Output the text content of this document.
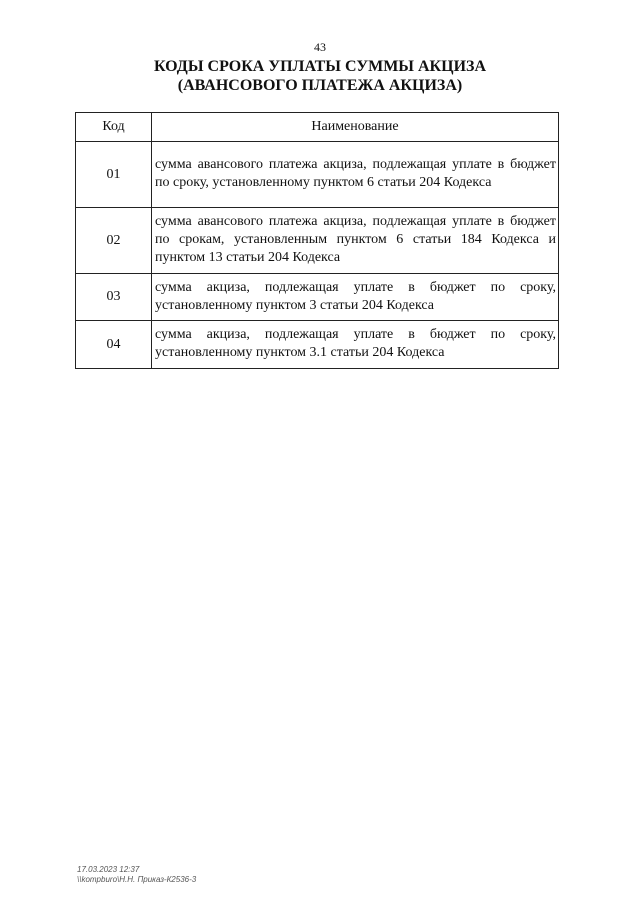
43
КОДЫ СРОКА УПЛАТЫ СУММЫ АКЦИЗА
(АВАНСОВОГО ПЛАТЕЖА АКЦИЗА)
Код	Наименование
01	сумма авансового платежа акциза, подлежащая уплате в бюджет по сроку, установленному пунктом 6 статьи 204 Кодекса
02	сумма авансового платежа акциза, подлежащая уплате в бюджет по срокам, установленным пунктом 6 статьи 184 Кодекса и пунктом 13 статьи 204 Кодекса
03	сумма акциза, подлежащая уплате в бюджет по сроку, установленному пунктом 3 статьи 204 Кодекса
04	сумма акциза, подлежащая уплате в бюджет по сроку, установленному пунктом 3.1 статьи 204 Кодекса
17.03.2023 12:37
\\kompburo\Н.Н. Приказ-К2536-3
